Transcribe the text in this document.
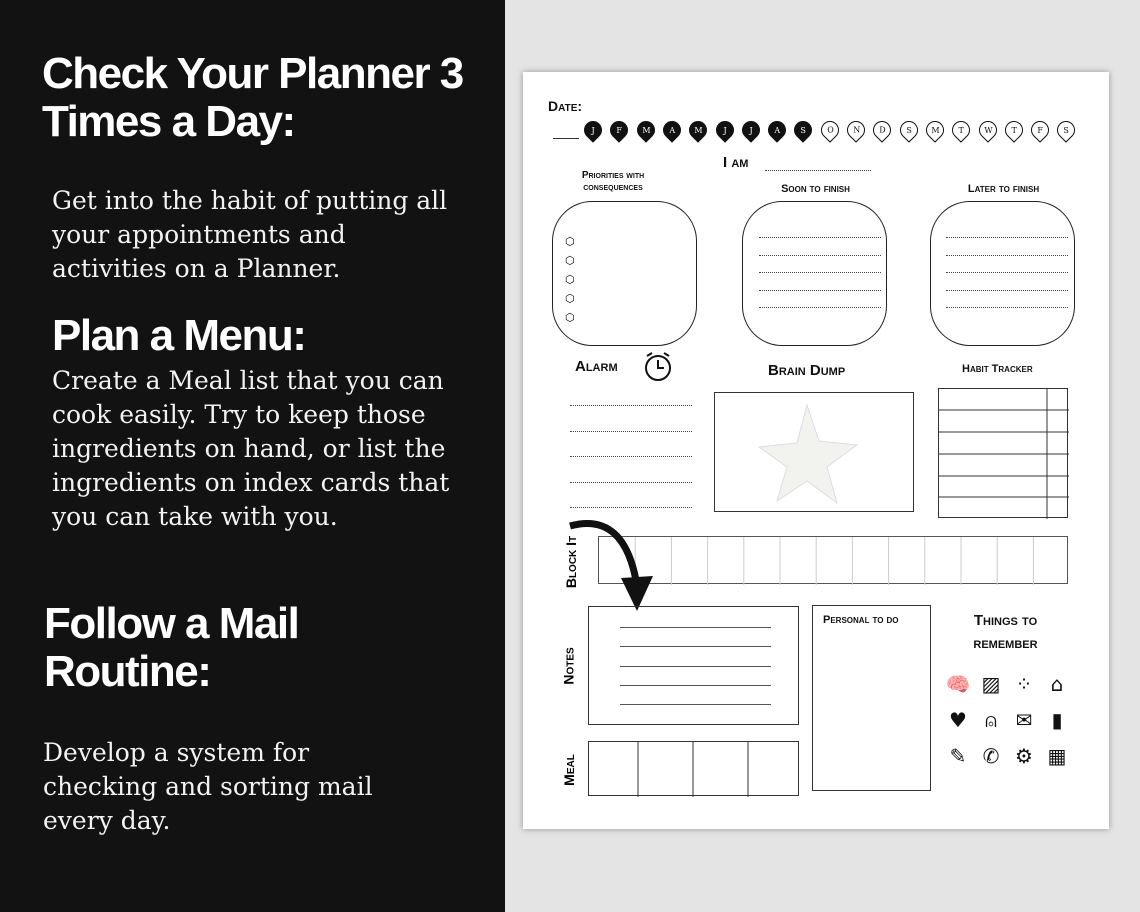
Check Your Planner 3 Times a Day:
Get into the habit of putting all your appointments and activities on a Planner.
Plan a Menu:
Create a Meal list that you can cook easily. Try to keep those ingredients on hand, or list the ingredients on index cards that you can take with you.
Follow a Mail Routine:
Develop a system for checking and sorting mail every day.
Date:
I am
Priorities with consequences	Soon to finish	Later to finish
⬡
⬡
⬡
⬡
⬡
Alarm	Brain Dump	Habit Tracker
Block It
Notes
Meal
Personal to do	Things to remember
J	F M A M	J	J	A	S	O N D	S M T W T	F	S
🧠 ▨ ⁘ ⌂
♥ ⍝ ✉ ▮
✎ ✆ ⚙ ▦
